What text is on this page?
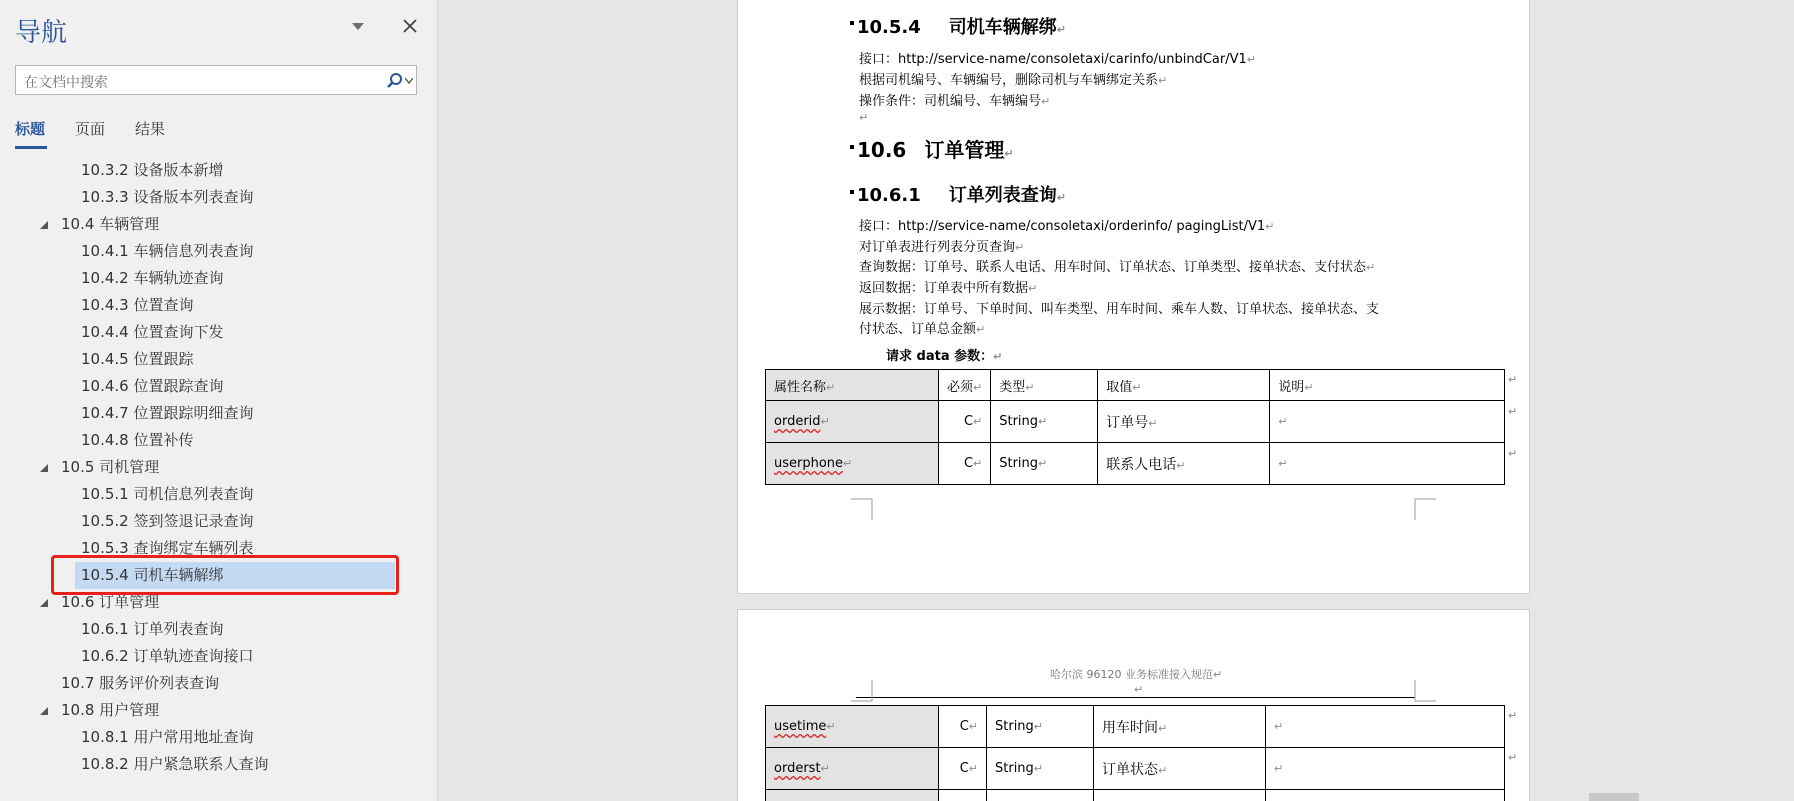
导航
在文档中搜索
标题 页面 结果
10.3.2 设备版本新增
10.3.3 设备版本列表查询
10.4 车辆管理
10.4.1 车辆信息列表查询
10.4.2 车辆轨迹查询
10.4.3 位置查询
10.4.4 位置查询下发
10.4.5 位置跟踪
10.4.6 位置跟踪查询
10.4.7 位置跟踪明细查询
10.4.8 位置补传
10.5 司机管理
10.5.1 司机信息列表查询
10.5.2 签到签退记录查询
10.5.3 查询绑定车辆列表
10.5.4 司机车辆解绑
10.6 订单管理
10.6.1 订单列表查询
10.6.2 订单轨迹查询接口
10.7 服务评价列表查询
10.8 用户管理
10.8.1 用户常用地址查询
10.8.2 用户紧急联系人查询
10.5.4 司机车辆解绑↵
接口：http://service-name/consoletaxi/carinfo/unbindCar/V1↵
根据司机编号、车辆编号，删除司机与车辆绑定关系↵
操作条件：司机编号、车辆编号↵
↵
10.6 订单管理↵
10.6.1 订单列表查询↵
接口：http://service-name/consoletaxi/orderinfo/ pagingList/V1↵
对订单表进行列表分页查询↵
查询数据：订单号、联系人电话、用车时间、订单状态、订单类型、接单状态、支付状态↵
返回数据：订单表中所有数据↵
展示数据：订单号、下单时间、叫车类型、用车时间、乘车人数、订单状态、接单状态、支
付状态、订单总金额↵
请求 data 参数：↵
属性名称↵	必须↵	类型↵	取值↵	说明↵
orderid↵	C↵	String↵	订单号↵	↵
userphone↵	C↵	String↵	联系人电话↵	↵
↵
↵
↵
哈尔滨 96120 业务标准接入规范↵
↵
usetime↵	C↵	String↵	用车时间↵	↵
orderst↵	C↵	String↵	订单状态↵	↵

↵
↵
